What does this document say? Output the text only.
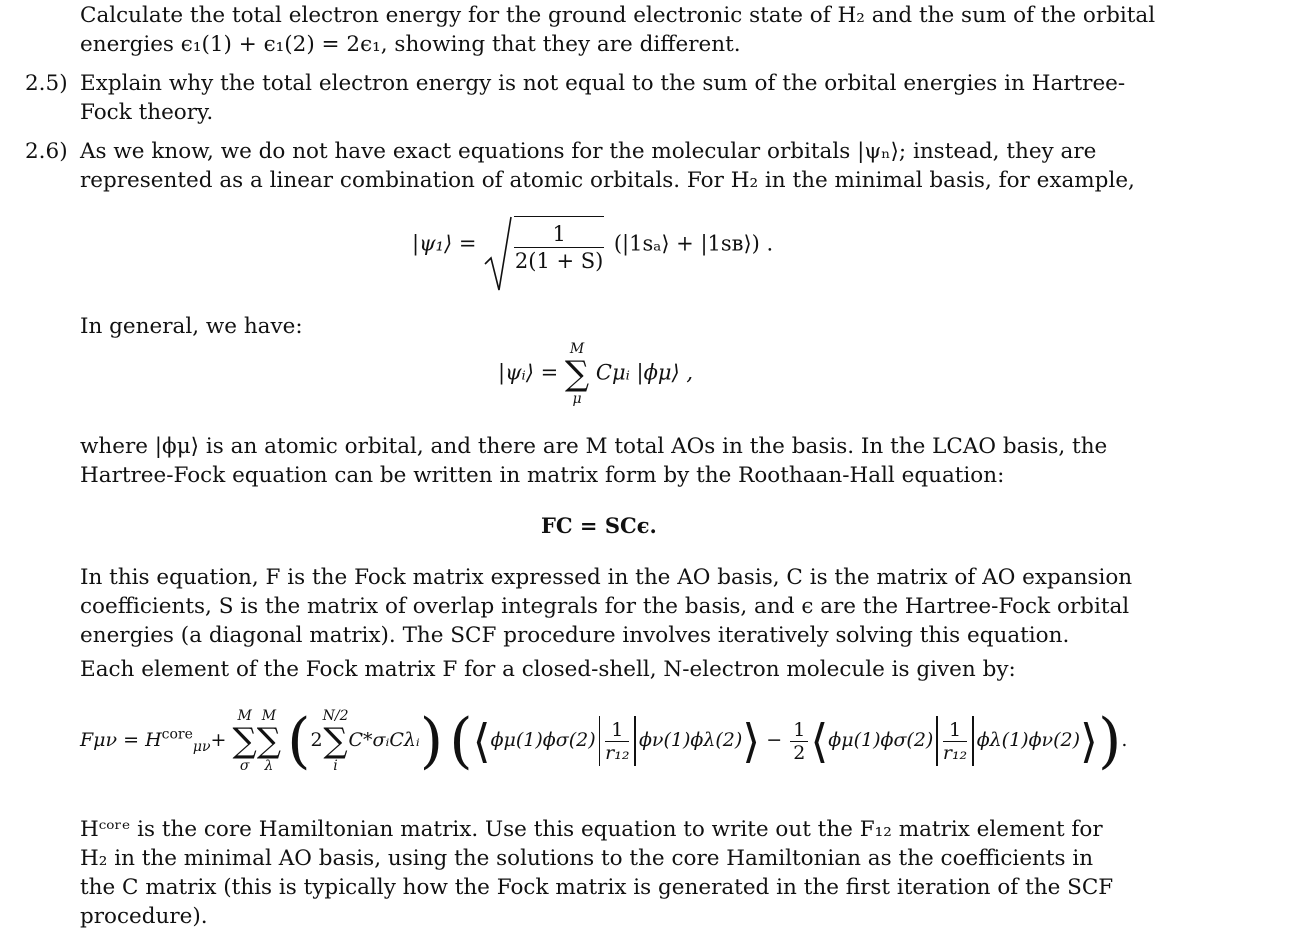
Calculate the total electron energy for the ground electronic state of H₂ and the sum of the orbital
energies ϵ₁(1) + ϵ₁(2) = 2ϵ₁, showing that they are different.
2.5) Explain why the total electron energy is not equal to the sum of the orbital energies in Hartree-
Fock theory.
2.6) As we know, we do not have exact equations for the molecular orbitals |ψₙ⟩; instead, they are
represented as a linear combination of atomic orbitals. For H₂ in the minimal basis, for example,
|ψ₁⟩ = $\frac{1}{2(1 + S)}$ (|1sₐ⟩ + |1sʙ⟩) .
In general, we have:
|ψᵢ⟩ = M
∑
μ Cμᵢ |ϕμ⟩ ,
where |ϕμ⟩ is an atomic orbital, and there are M total AOs in the basis. In the LCAO basis, the
Hartree-Fock equation can be written in matrix form by the Roothaan-Hall equation:
FC = SCϵ.
In this equation, F is the Fock matrix expressed in the AO basis, C is the matrix of AO expansion
coefficients, S is the matrix of overlap integrals for the basis, and ϵ are the Hartree-Fock orbital
energies (a diagonal matrix). The SCF procedure involves iteratively solving this equation.
Each element of the Fock matrix F for a closed-shell, N-electron molecule is given by:
$F\mu\nu = H^{core}_{\mu\nu}+ M$
∑
σM
∑
λ (2N/2
∑
iC*σᵢCλᵢ) (⟨ϕμ(1)ϕσ(2) $\frac{1}{\text{r₁₂}}$ ϕν(1)ϕλ(2)⟩ − $\frac{1}{2}$ ⟨ϕμ(1)ϕσ(2) $\frac{1}{\text{r₁₂}}$ ϕλ(1)ϕν(2)⟩).
Hᶜᵒʳᵉ is the core Hamiltonian matrix. Use this equation to write out the F₁₂ matrix element for
H₂ in the minimal AO basis, using the solutions to the core Hamiltonian as the coefficients in
the C matrix (this is typically how the Fock matrix is generated in the first iteration of the SCF
procedure).
